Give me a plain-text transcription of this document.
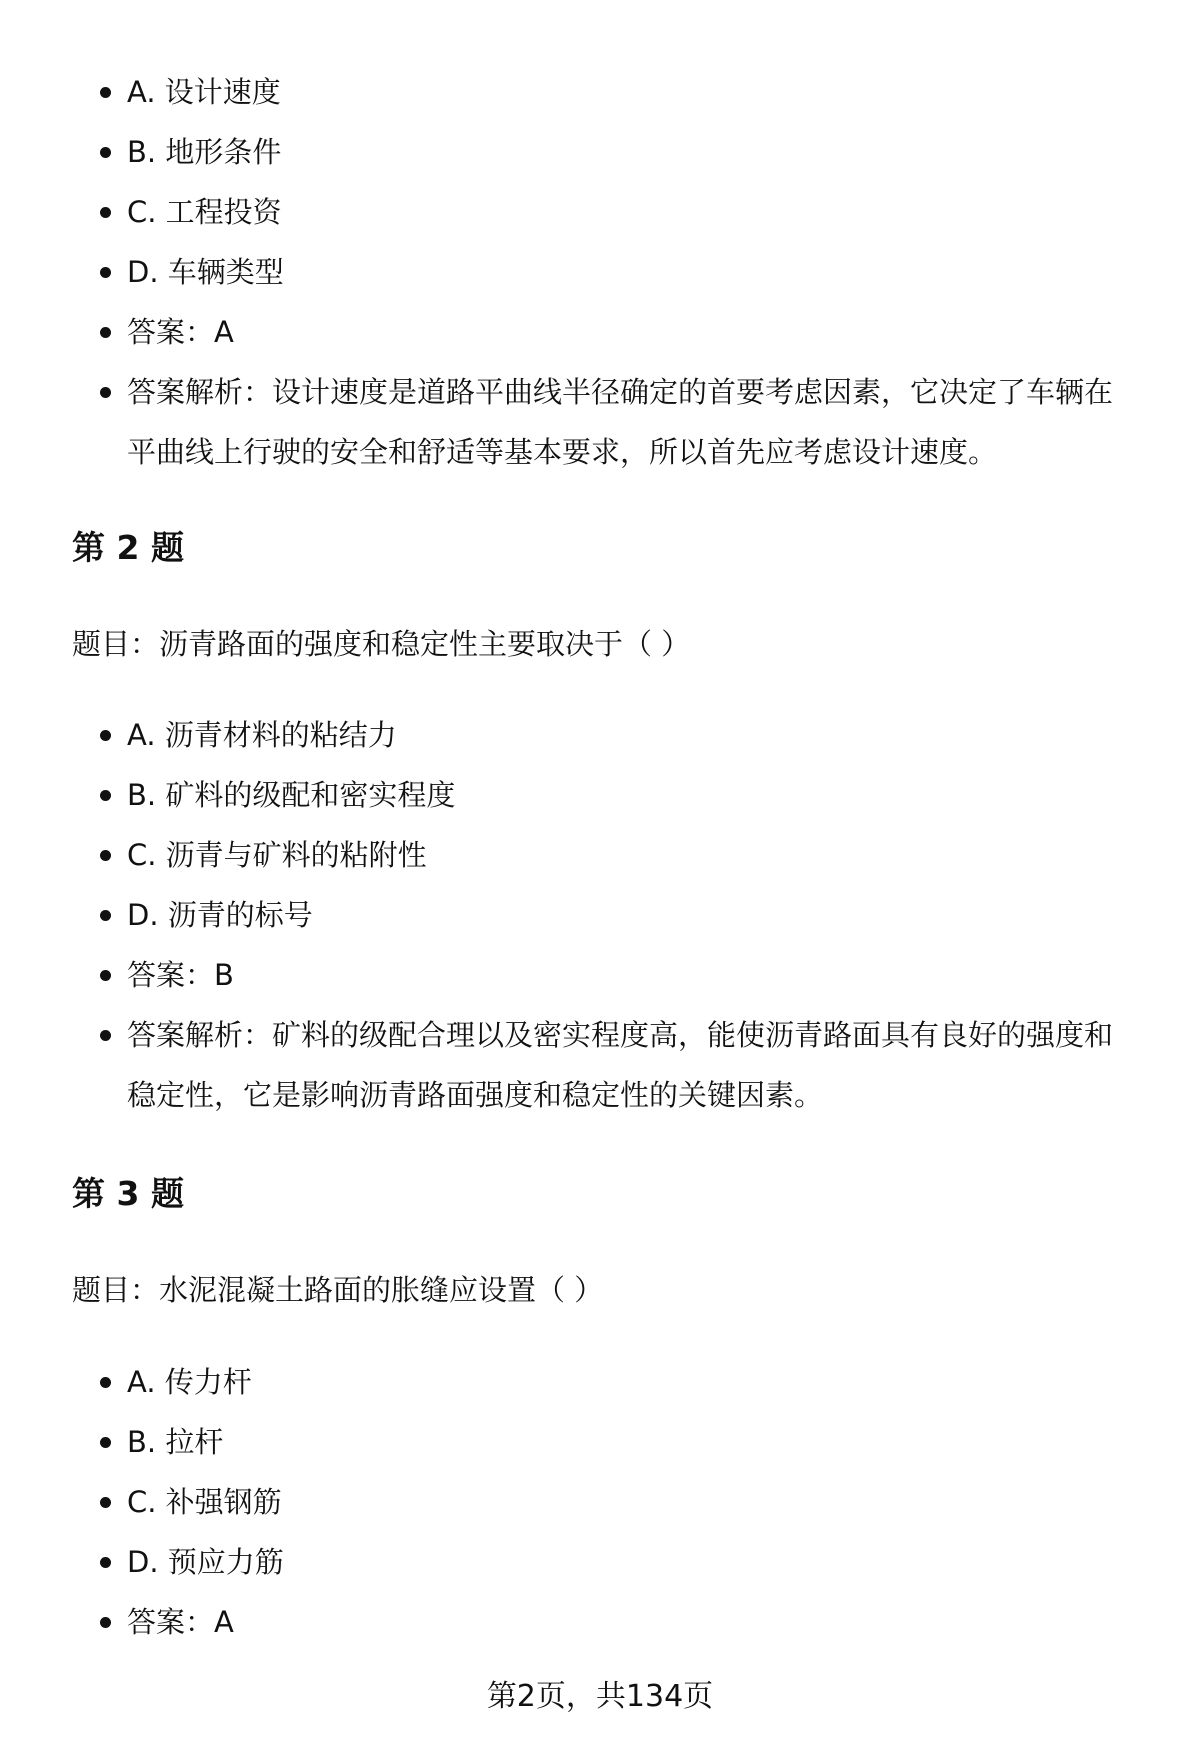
A. 设计速度
B. 地形条件
C. 工程投资
D. 车辆类型
答案：A
答案解析：设计速度是道路平曲线半径确定的首要考虑因素，它决定了车辆在
平曲线上行驶的安全和舒适等基本要求，所以首先应考虑设计速度。
第 2 题

题目：沥青路面的强度和稳定性主要取决于（ ）

A. 沥青材料的粘结力
B. 矿料的级配和密实程度
C. 沥青与矿料的粘附性
D. 沥青的标号
答案：B
答案解析：矿料的级配合理以及密实程度高，能使沥青路面具有良好的强度和
稳定性，它是影响沥青路面强度和稳定性的关键因素。
第 3 题

题目：水泥混凝土路面的胀缝应设置（ ）

A. 传力杆
B. 拉杆
C. 补强钢筋
D. 预应力筋
答案：A
第2页，共134页
